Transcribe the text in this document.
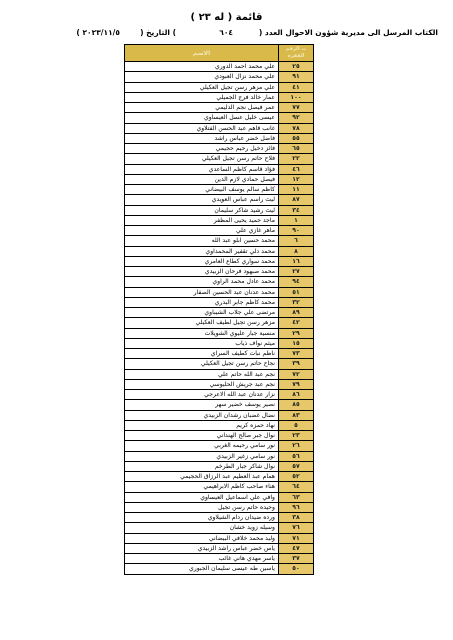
قائمة ( له ٢٣ )
الكتاب المرسل الى مديرية شؤون الاحوال العدد (
٦٠٤
) التاريخ (
٢٠٢٣/١١/٥ )
ت الرقم الفقرة	الاسم
٢٥	علي محمد احمد الدوري
٩١	علي محمد نزال العبودي
٤١	علي مزهر رسن تجيل العكيلي
١٠٠	عمار خالد فرج الجميلي
٧٧	عمر فيصل نجم الدليمي
٩٢	عيسى خليل عسل العيساوي
٧٨	غانب قاهم عبد الحسن الفتلاوي
٥٥	فاضل خضر عباس راشد
٦٥	فائز دخيل رحيم حجيمي
٢٢	فلاح حاتم رسن تجيل العكيلي
٤٦	فؤاد قاسم كاظم الساعدي
١٢	فيصل حمادي لازم الدين
١١	كاظم سالم يوسف البيضاني
٨٧	ليث راسم عباس العويدي
٣٤	ليث رشيد شاكر سليمان
١	ماجد حميد يحيى المظفر
٩٠	ماهر غازي علي
٦	محمد حسين ابلو عبد الله
٨	محمد دلي تقفير المحمداوي
١٦	محمد سواري كطاع العامري
٢٧	محمد صبهود فرحان الزبيدي
٩٤	محمد عادل محمد الراوي
٥١	محمد عدنان عبد الحسين الصفار
٣٢	محمد كاظم جابر البدري
٨٩	مرتضى علي جلاب الشيباوي
٤٢	مزهر رسن تجيل لطيف العكيلي
٢٩	منسية جبار عليوي الشويلات
١٥	ميثم نواف ذياب
٧٣	ناظم نبات كطيف السراي
٣٩	نجاح حاتم رسن تجيل العكيلي
٧٢	نجم عبد الله حاتم علي
٧٩	نجم عبد جريش الحلبوسي
٨٦	نزار عدنان عبد الله الاعرجي
٨٥	نصير يوسف خضير سهر
٨٣	نضال غضبان رشدان الزبيدي
٥	نهاد حمزه كريم
٢٣	نوال جبر صالح الهنداني
٢٦	نور سامي رحيمه الغربي
٥٦	نور سامي زغير الزبيدي
٥٧	نوال شاكر جبار الطرخم
٥٢	همام عبد العظيم عبد الرزاق الحجيمي
٦٤	هناء صاحب كاظم الابراهيمي
٦٣	وافي علي اسماعيل العيساوي
٩٦	وحيده حاتم رسن تجيل
٣٨	ورده ضيدان ردام الشيلاوي
٧٦	وسيله زويد خشان
٧١	وليد محمد خلافي البيضاني
٤٧	ياس خضر عباس راشد الزبيدي
٣٧	ياسر مهدي هاني غائب
٥٠	ياسين طه عيسى سليمان الجبوري
